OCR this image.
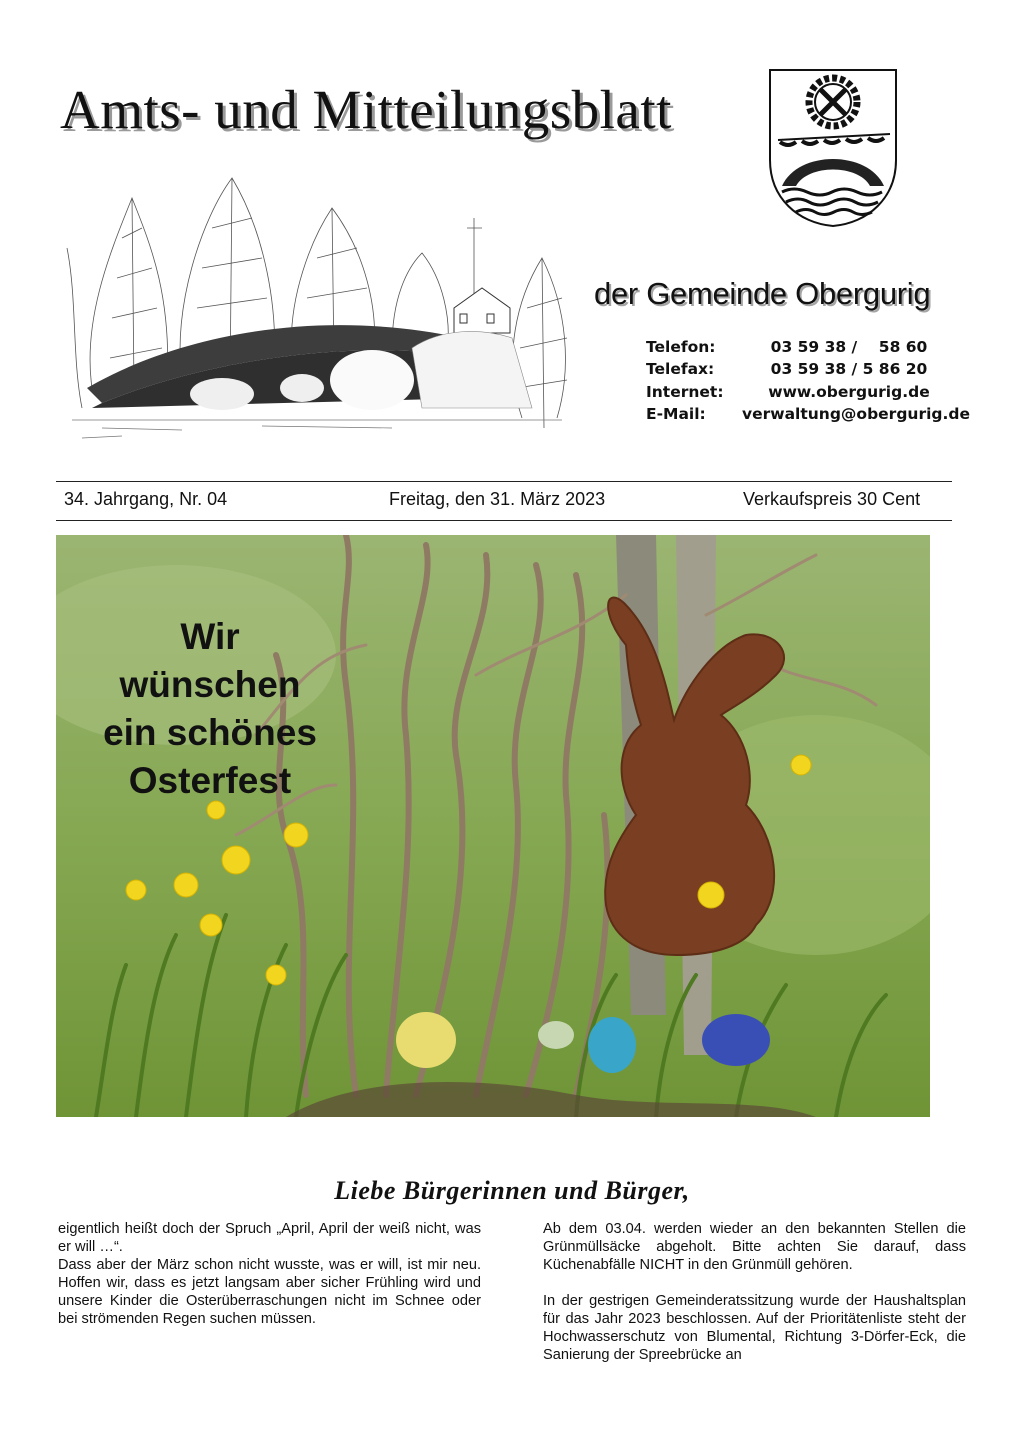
Amts- und Mitteilungsblatt
der Gemeinde Obergurig
Telefon:	03 59 38 /    58 60
Telefax:	03 59 38 / 5 86 20
Internet:	www.obergurig.de
E-Mail: verwaltung@obergurig.de
34. Jahrgang, Nr. 04	Freitag, den 31. März 2023	Verkaufspreis 30 Cent
Wir
wünschen
ein schönes
Osterfest
Liebe Bürgerinnen und Bürger,

eigentlich heißt doch der Spruch „April, April der weiß nicht, was er will …“.

Dass aber der März schon nicht wusste, was er will, ist mir neu. Hoffen wir, dass es jetzt langsam aber sicher Frühling wird und unsere Kinder die Osterüberraschungen nicht im Schnee oder bei strömenden Regen suchen müssen.

Ab dem 03.04. werden wieder an den bekannten Stellen die Grünmüllsäcke abgeholt. Bitte achten Sie darauf, dass Küchenabfälle NICHT in den Grünmüll gehören.

In der gestrigen Gemeinderatssitzung wurde der Haushaltsplan für das Jahr 2023 beschlossen. Auf der Prioritätenliste steht der Hochwasserschutz von Blumental, Richtung 3-Dörfer-Eck, die Sanierung der Spreebrücke an
